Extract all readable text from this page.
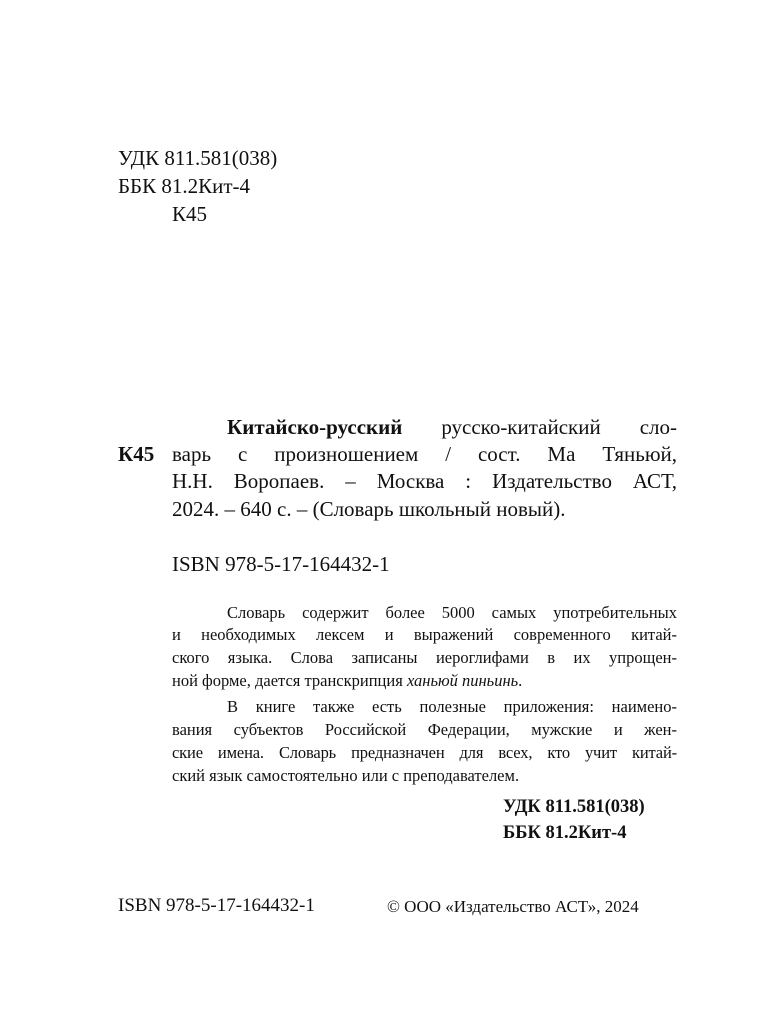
УДК 811.581(038)
ББК 81.2Кит-4
К45
К45
Китайско-русский русско-китайский сло-
варь с произношением / сост. Ма Тяньюй,
Н.Н. Воропаев. – Москва : Издательство АСТ,
2024. – 640 с. – (Словарь школьный новый).
ISBN 978-5-17-164432-1
Словарь содержит более 5000 самых употребительных
и необходимых лексем и выражений современного китай-
ского языка. Слова записаны иероглифами в их упрощен-
ной форме, дается транскрипция ханьюй пиньинь.
В книге также есть полезные приложения: наимено-
вания субъектов Российской Федерации, мужские и жен-
ские имена. Словарь предназначен для всех, кто учит китай-
ский язык самостоятельно или с преподавателем.
УДК 811.581(038)
ББК 81.2Кит-4
ISBN 978-5-17-164432-1	© ООО «Издательство АСТ», 2024
